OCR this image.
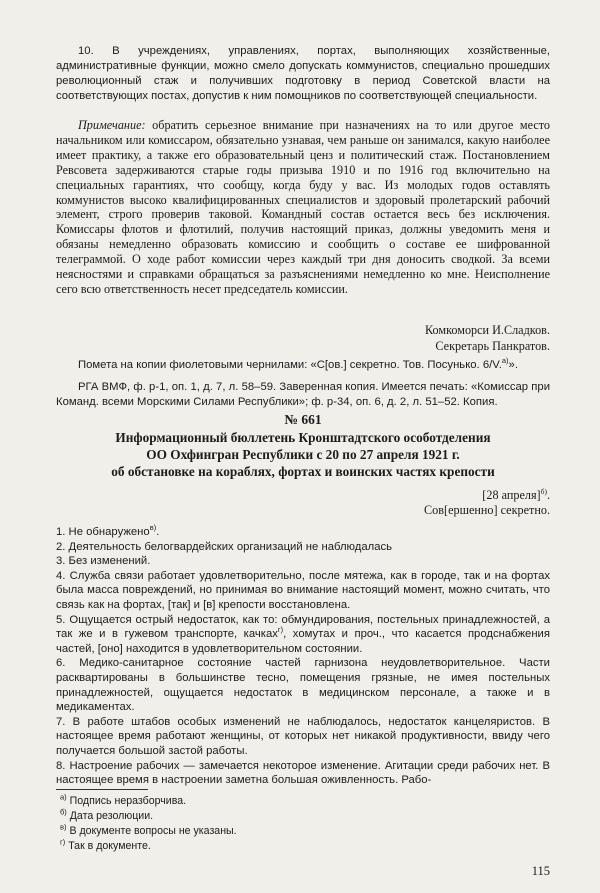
10. В учреждениях, управлениях, портах, выполняющих хозяйственные, административные функции, можно смело допускать коммунистов, специально прошедших революционный стаж и получивших подготовку в период Советской власти на соответствующих постах, допустив к ним помощников по соответствующей специальности.

Примечание: обратить серьезное внимание при назначениях на то или другое место начальником или комиссаром, обязательно узнавая, чем раньше он занимался, какую наиболее имеет практику, а также его образовательный ценз и политический стаж. Постановлением Ревсовета задерживаются старые годы призыва 1910 и по 1916 год включительно на специальных гарантиях, что сообщу, когда буду у вас. Из молодых годов оставлять коммунистов высоко квалифицированных специалистов и здоровый пролетарский рабочий элемент, строго проверив таковой. Командный состав остается весь без исключения. Комиссары флотов и флотилий, получив настоящий приказ, должны уведомить меня и обязаны немедленно образовать комиссию и сообщить о составе ее шифрованной телеграммой. О ходе работ комиссии через каждый три дня доносить сводкой. За всеми неясностями и справками обращаться за разъяснениями немедленно ко мне. Неисполнение сего всю ответственность несет председатель комиссии.

Комкоморси И.Сладков.
Секретарь Панкратов.

Помета на копии фиолетовыми чернилами: «С[ов.] секретно. Тов. Посунько. 6/V.$^{а)}$».

РГА ВМФ, ф. р-1, оп. 1, д. 7, л. 58–59. Заверенная копия. Имеется печать: «Комиссар при Команд. всеми Морскими Силами Республики»; ф. р-34, оп. 6, д. 2, л. 51–52. Копия.

№ 661
Информационный бюллетень Кронштадтского особотделения
ОО Охфингран Республики с 20 по 27 апреля 1921 г.
об обстановке на кораблях, фортах и воинских частях крепости
[28 апреля]$^{б)}$.
Сов[ершенно] секретно.
1. Не обнаружено$^{в)}$.
2. Деятельность белогвардейских организаций не наблюдалась
3. Без изменений.
4. Служба связи работает удовлетворительно, после мятежа, как в городе, так и на фортах была масса повреждений, но принимая во внимание настоящий момент, можно считать, что связь как на фортах, [так] и [в] крепости восстановлена.
5. Ощущается острый недостаток, как то: обмундирования, постельных принадлежностей, а так же и в гужевом транспорте, качках$^{г)}$, хомутах и проч., что касается продснабжения частей, [оно] находится в удовлетворительном состоянии.
6. Медико-санитарное состояние частей гарнизона неудовлетворительное. Части расквартированы в большинстве тесно, помещения грязные, не имея постельных принадлежностей, ощущается недостаток в медицинском персонале, а также и в медикаментах.
7. В работе штабов особых изменений не наблюдалось, недостаток канцеляристов. В настоящее время работают женщины, от которых нет никакой продуктивности, ввиду чего получается большой застой работы.
8. Настроение рабочих — замечается некоторое изменение. Агитации среди рабочих нет. В настоящее время в настроении заметна большая оживленность. Рабо-
$^{а)}$ Подпись неразборчива.
$^{б)}$ Дата резолюции.
$^{в)}$ В документе вопросы не указаны.
$^{г)}$ Так в документе.
115
